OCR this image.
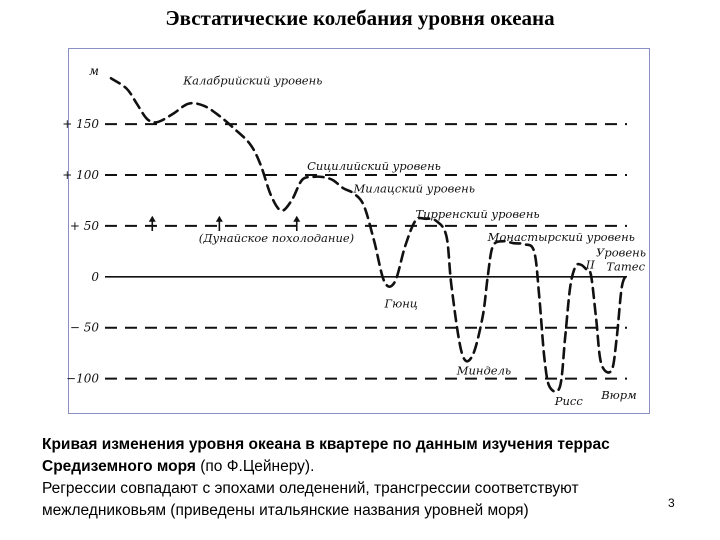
Эвстатические колебания уровня океана
+ 150
+ 100
+ 50
0
− 50
−100
Калабрийский уровень
Сицилийский уровень
Милацский уровень
Тирренский уровень
Монастырский уровень
Уровень
Татес
(Дунайское похолодание)
Гюнц
Миндель
Рисс Вюрм
II
м
Кривая изменения уровня океана в квартере по данным изучения террас
Средиземного моря (по Ф.Цейнеру).
Регрессии совпадают с эпохами оледенений, трансгрессии соответствуют
межледниковьям (приведены итальянские названия уровней моря)	3
